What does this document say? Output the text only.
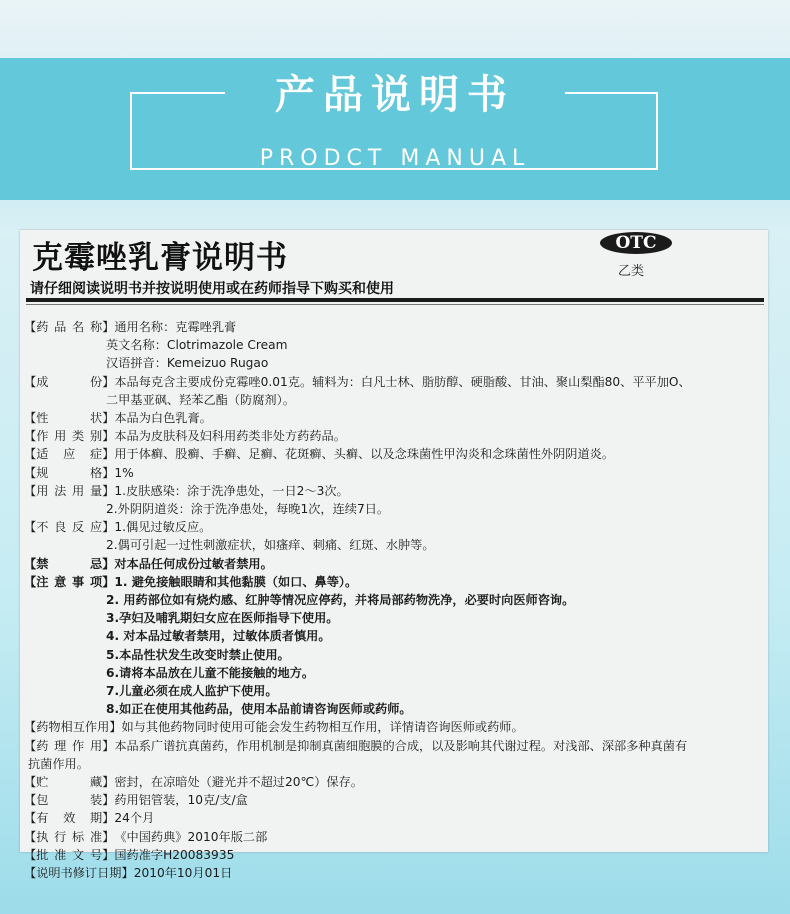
产品说明书
PRODCT MANUAL
克霉唑乳膏说明书	OTC
乙类
请仔细阅读说明书并按说明使用或在药师指导下购买和使用
【药品名称】 通用名称：克霉唑乳膏
英文名称：Clotrimazole Cream
汉语拼音：Kemeizuo Rugao
【成　　份】 本品每克含主要成份克霉唑0.01克。辅料为：白凡士林、脂肪醇、硬脂酸、甘油、聚山梨酯80、平平加O、
二甲基亚砜、羟苯乙酯（防腐剂）。
【性　　状】 本品为白色乳膏。
【作用类别】 本品为皮肤科及妇科用药类非处方药药品。
【适 应 症】 用于体癣、股癣、手癣、足癣、花斑癣、头癣、以及念珠菌性甲沟炎和念珠菌性外阴阴道炎。
【规　　格】 1%
【用法用量】 1.皮肤感染：涂于洗净患处，一日2～3次。
2.外阴阴道炎：涂于洗净患处，每晚1次，连续7日。
【不良反应】 1.偶见过敏反应。
2.偶可引起一过性刺激症状，如瘙痒、刺痛、红斑、水肿等。
【禁　　忌】 对本品任何成份过敏者禁用。
【注意事项】 1. 避免接触眼睛和其他黏膜（如口、鼻等）。
2. 用药部位如有烧灼感、红肿等情况应停药，并将局部药物洗净，必要时向医师咨询。
3.孕妇及哺乳期妇女应在医师指导下使用。
4. 对本品过敏者禁用，过敏体质者慎用。
5.本品性状发生改变时禁止使用。
6.请将本品放在儿童不能接触的地方。
7.儿童必须在成人监护下使用。
8.如正在使用其他药品，使用本品前请咨询医师或药师。
【药物相互作用】 如与其他药物同时使用可能会发生药物相互作用，详情请咨询医师或药师。
【药理作用】 本品系广谱抗真菌药，作用机制是抑制真菌细胞膜的合成，以及影响其代谢过程。对浅部、深部多种真菌有
抗菌作用。
【贮　　藏】 密封，在凉暗处（避光并不超过20℃）保存。
【包　　装】 药用铝管装，10克/支/盒
【有 效 期】 24个月
【执行标准】 《中国药典》2010年版二部
【批准文号】 国药准字H20083935
【说明书修订日期】 2010年10月01日
